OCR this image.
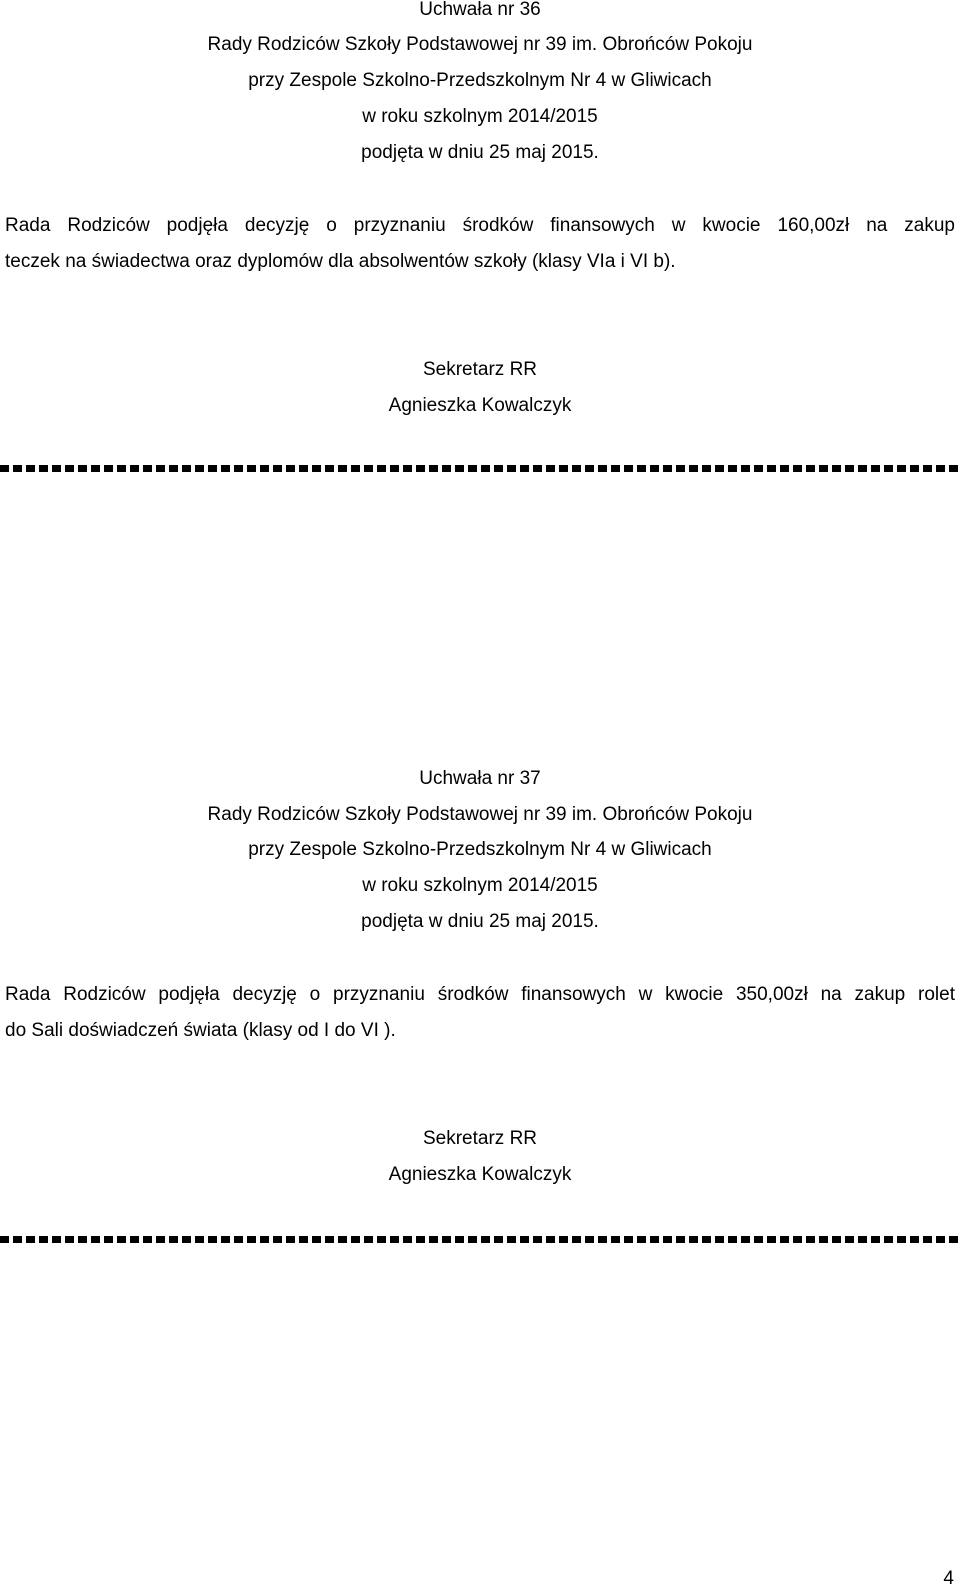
Uchwała nr 36
Rady Rodziców Szkoły Podstawowej nr 39 im. Obrońców Pokoju
przy Zespole Szkolno-Przedszkolnym Nr 4 w Gliwicach
w roku szkolnym 2014/2015
podjęta w dniu 25 maj 2015.
Rada Rodziców podjęła decyzję o przyznaniu środków finansowych w kwocie 160,00zł na zakup
teczek na świadectwa oraz dyplomów dla absolwentów szkoły (klasy VIa i VI b).
Sekretarz RR
Agnieszka Kowalczyk
Uchwała nr 37
Rady Rodziców Szkoły Podstawowej nr 39 im. Obrońców Pokoju
przy Zespole Szkolno-Przedszkolnym Nr 4 w Gliwicach
w roku szkolnym 2014/2015
podjęta w dniu 25 maj 2015.
Rada Rodziców podjęła decyzję o przyznaniu środków finansowych w kwocie 350,00zł na zakup rolet
do Sali doświadczeń świata (klasy od I do VI ).
Sekretarz RR
Agnieszka Kowalczyk
4
